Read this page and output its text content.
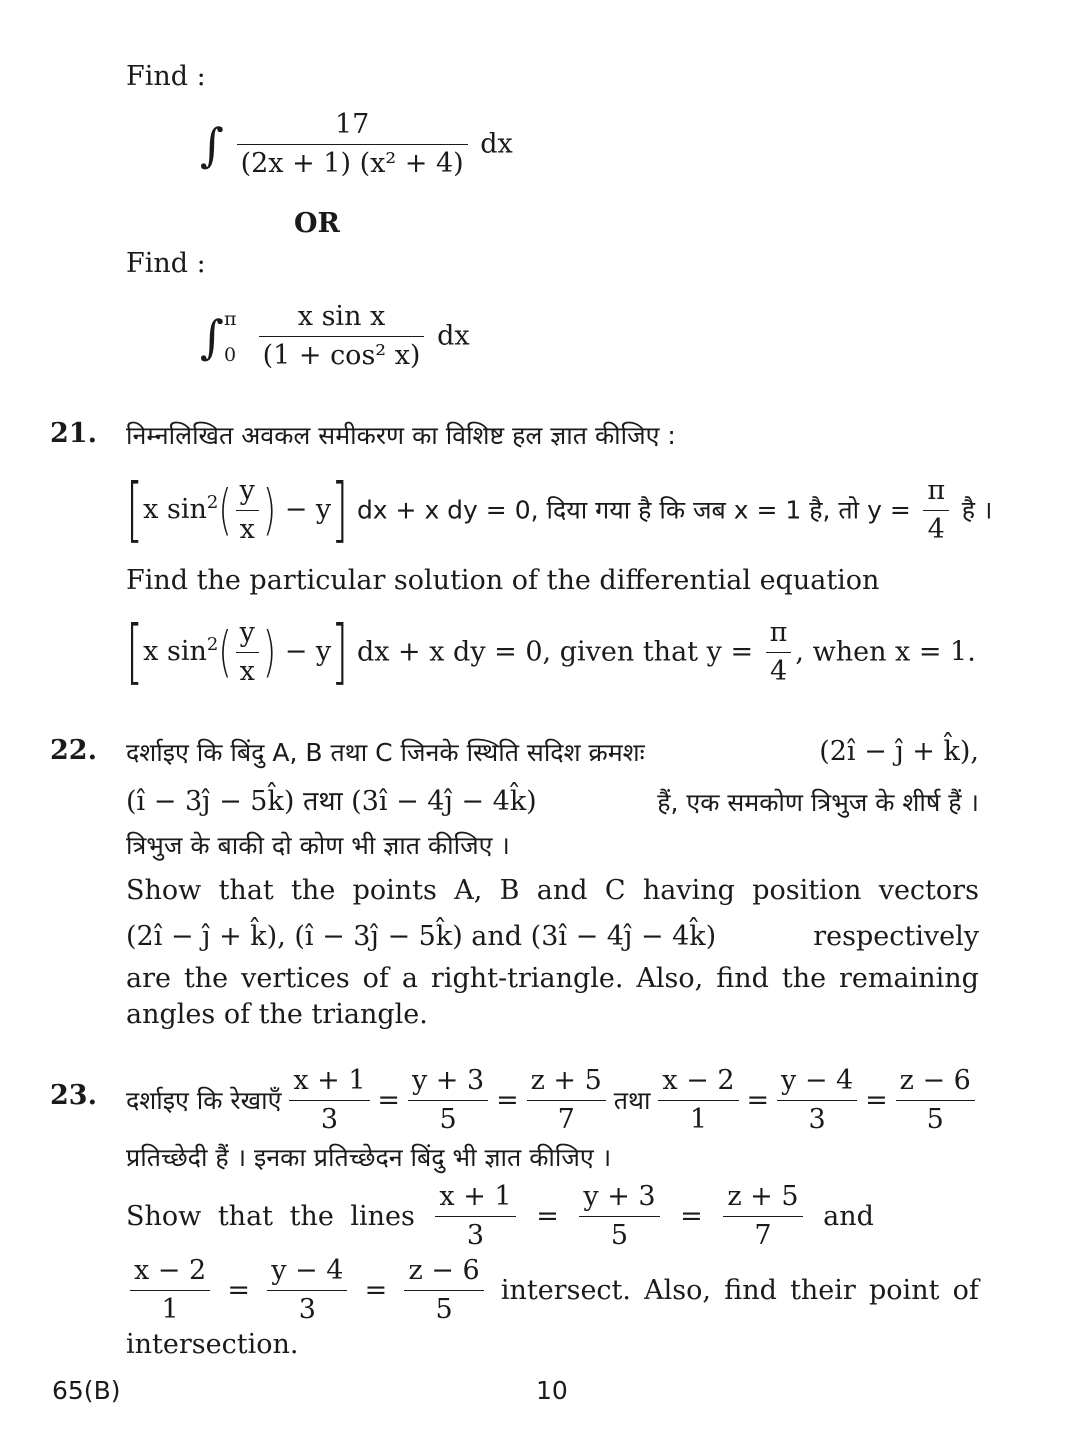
Find :
∫ $\frac{17}{\text{(2x + 1) (x² + 4)}}$ dx
OR
Find :
∫ π
0
$\frac{\text{x sin x}}{\text{(1 + cos² x)}}$ dx
21. निम्नलिखित अवकल समीकरण का विशिष्ट हल ज्ञात कीजिए :
[x $\sin^2( \frac{y}{x}$ ) − y] dx + x dy = 0, दिया गया है कि जब x = 1 है, तो $y = \frac{\pi}{4}$ है ।
Find the particular solution of the differential equation
[x $\sin^2( \frac{y}{x}$ ) − y] dx + x dy = 0, given that $y = \frac{\pi}{4}$ , when x = 1.
22. दर्शाइए कि बिंदु A, B तथा C जिनके स्थिति सदिश क्रमशः	(2î − ĵ + k̂),
(î − 3ĵ − 5k̂) तथा (3î − 4ĵ − 4k̂)	हैं, एक समकोण त्रिभुज के शीर्ष हैं ।
त्रिभुज के बाकी दो कोण भी ज्ञात कीजिए ।
Show that the points A, B and C having position vectors
(2î − ĵ + k̂), (î − 3ĵ − 5k̂) and (3î − 4ĵ − 4k̂)	respectively
are the vertices of a right-triangle. Also, find the remaining
angles of the triangle.
23. दर्शाइए कि रेखाएँ $\frac{x + 1}{3} = \frac{y + 3}{5} = \frac{z + 5}{7}$ तथा $\frac{x - 2}{1} = \frac{y - 4}{3} = \frac{z - 6}{5}$
प्रतिच्छेदी हैं । इनका प्रतिच्छेदन बिंदु भी ज्ञात कीजिए ।
Show that the lines $\frac{x + 1}{3} = \frac{y + 3}{5} = \frac{z + 5}{7}$ and
$\frac{x - 2}{1} = \frac{y - 4}{3} = \frac{z - 6}{5}$ intersect. Also, find their point of
intersection.
65(B)	10
